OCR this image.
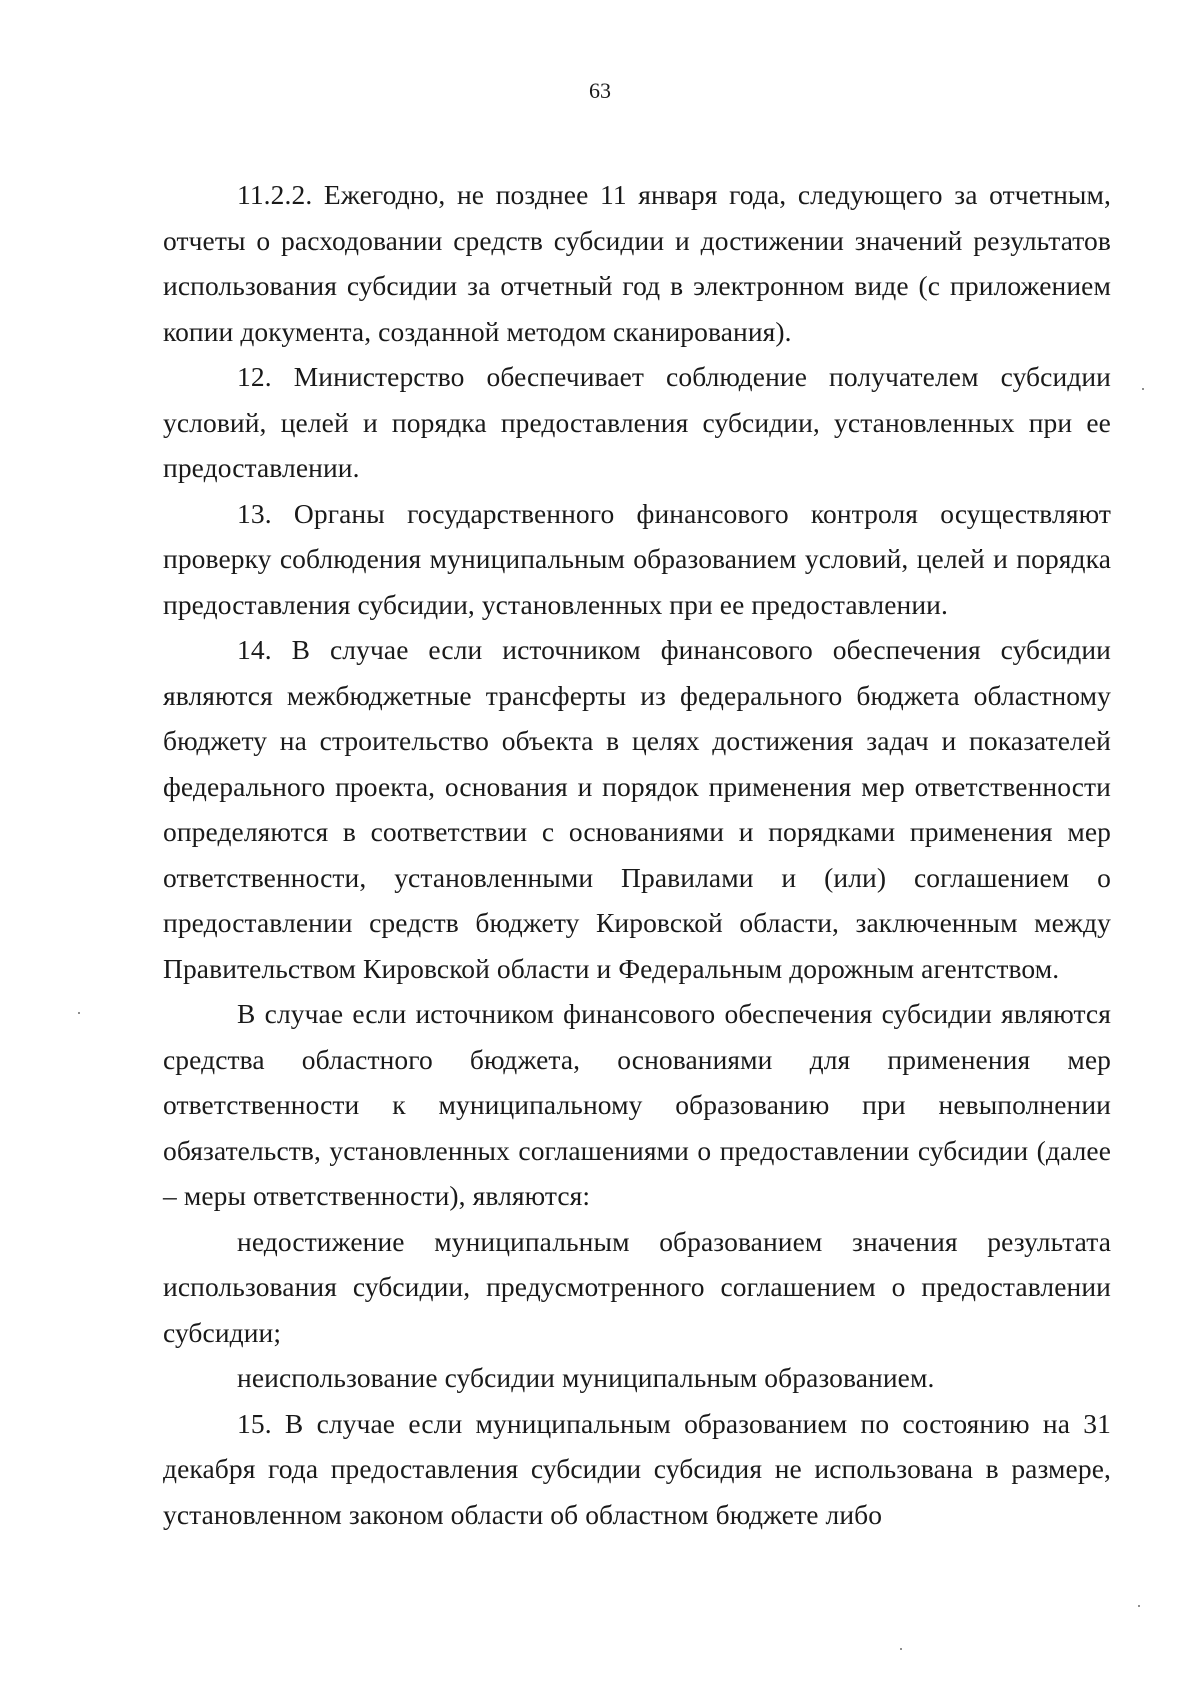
63

11.2.2. Ежегодно, не позднее 11 января года, следующего за отчетным, отчеты о расходовании средств субсидии и достижении значений результатов использования субсидии за отчетный год в электронном виде (с приложением копии документа, созданной методом сканирования).

12. Министерство обеспечивает соблюдение получателем субсидии условий, целей и порядка предоставления субсидии, установленных при ее предоставлении.

13. Органы государственного финансового контроля осуществляют проверку соблюдения муниципальным образованием условий, целей и порядка предоставления субсидии, установленных при ее предоставлении.

14. В случае если источником финансового обеспечения субсидии являются межбюджетные трансферты из федерального бюджета областному бюджету на строительство объекта в целях достижения задач и показателей федерального проекта, основания и порядок применения мер ответственности определяются в соответствии с основаниями и порядками применения мер ответственности, установленными Правилами и (или) соглашением о предоставлении средств бюджету Кировской области, заключенным между Правительством Кировской области и Федеральным дорожным агентством.

В случае если источником финансового обеспечения субсидии являются средства областного бюджета, основаниями для применения мер ответственности к муниципальному образованию при невыполнении обязательств, установленных соглашениями о предоставлении субсидии (далее – меры ответственности), являются:

недостижение муниципальным образованием значения результата использования субсидии, предусмотренного соглашением о предоставлении субсидии;

неиспользование субсидии муниципальным образованием.

15. В случае если муниципальным образованием по состоянию на 31 декабря года предоставления субсидии субсидия не использована в размере, установленном законом области об областном бюджете либо
